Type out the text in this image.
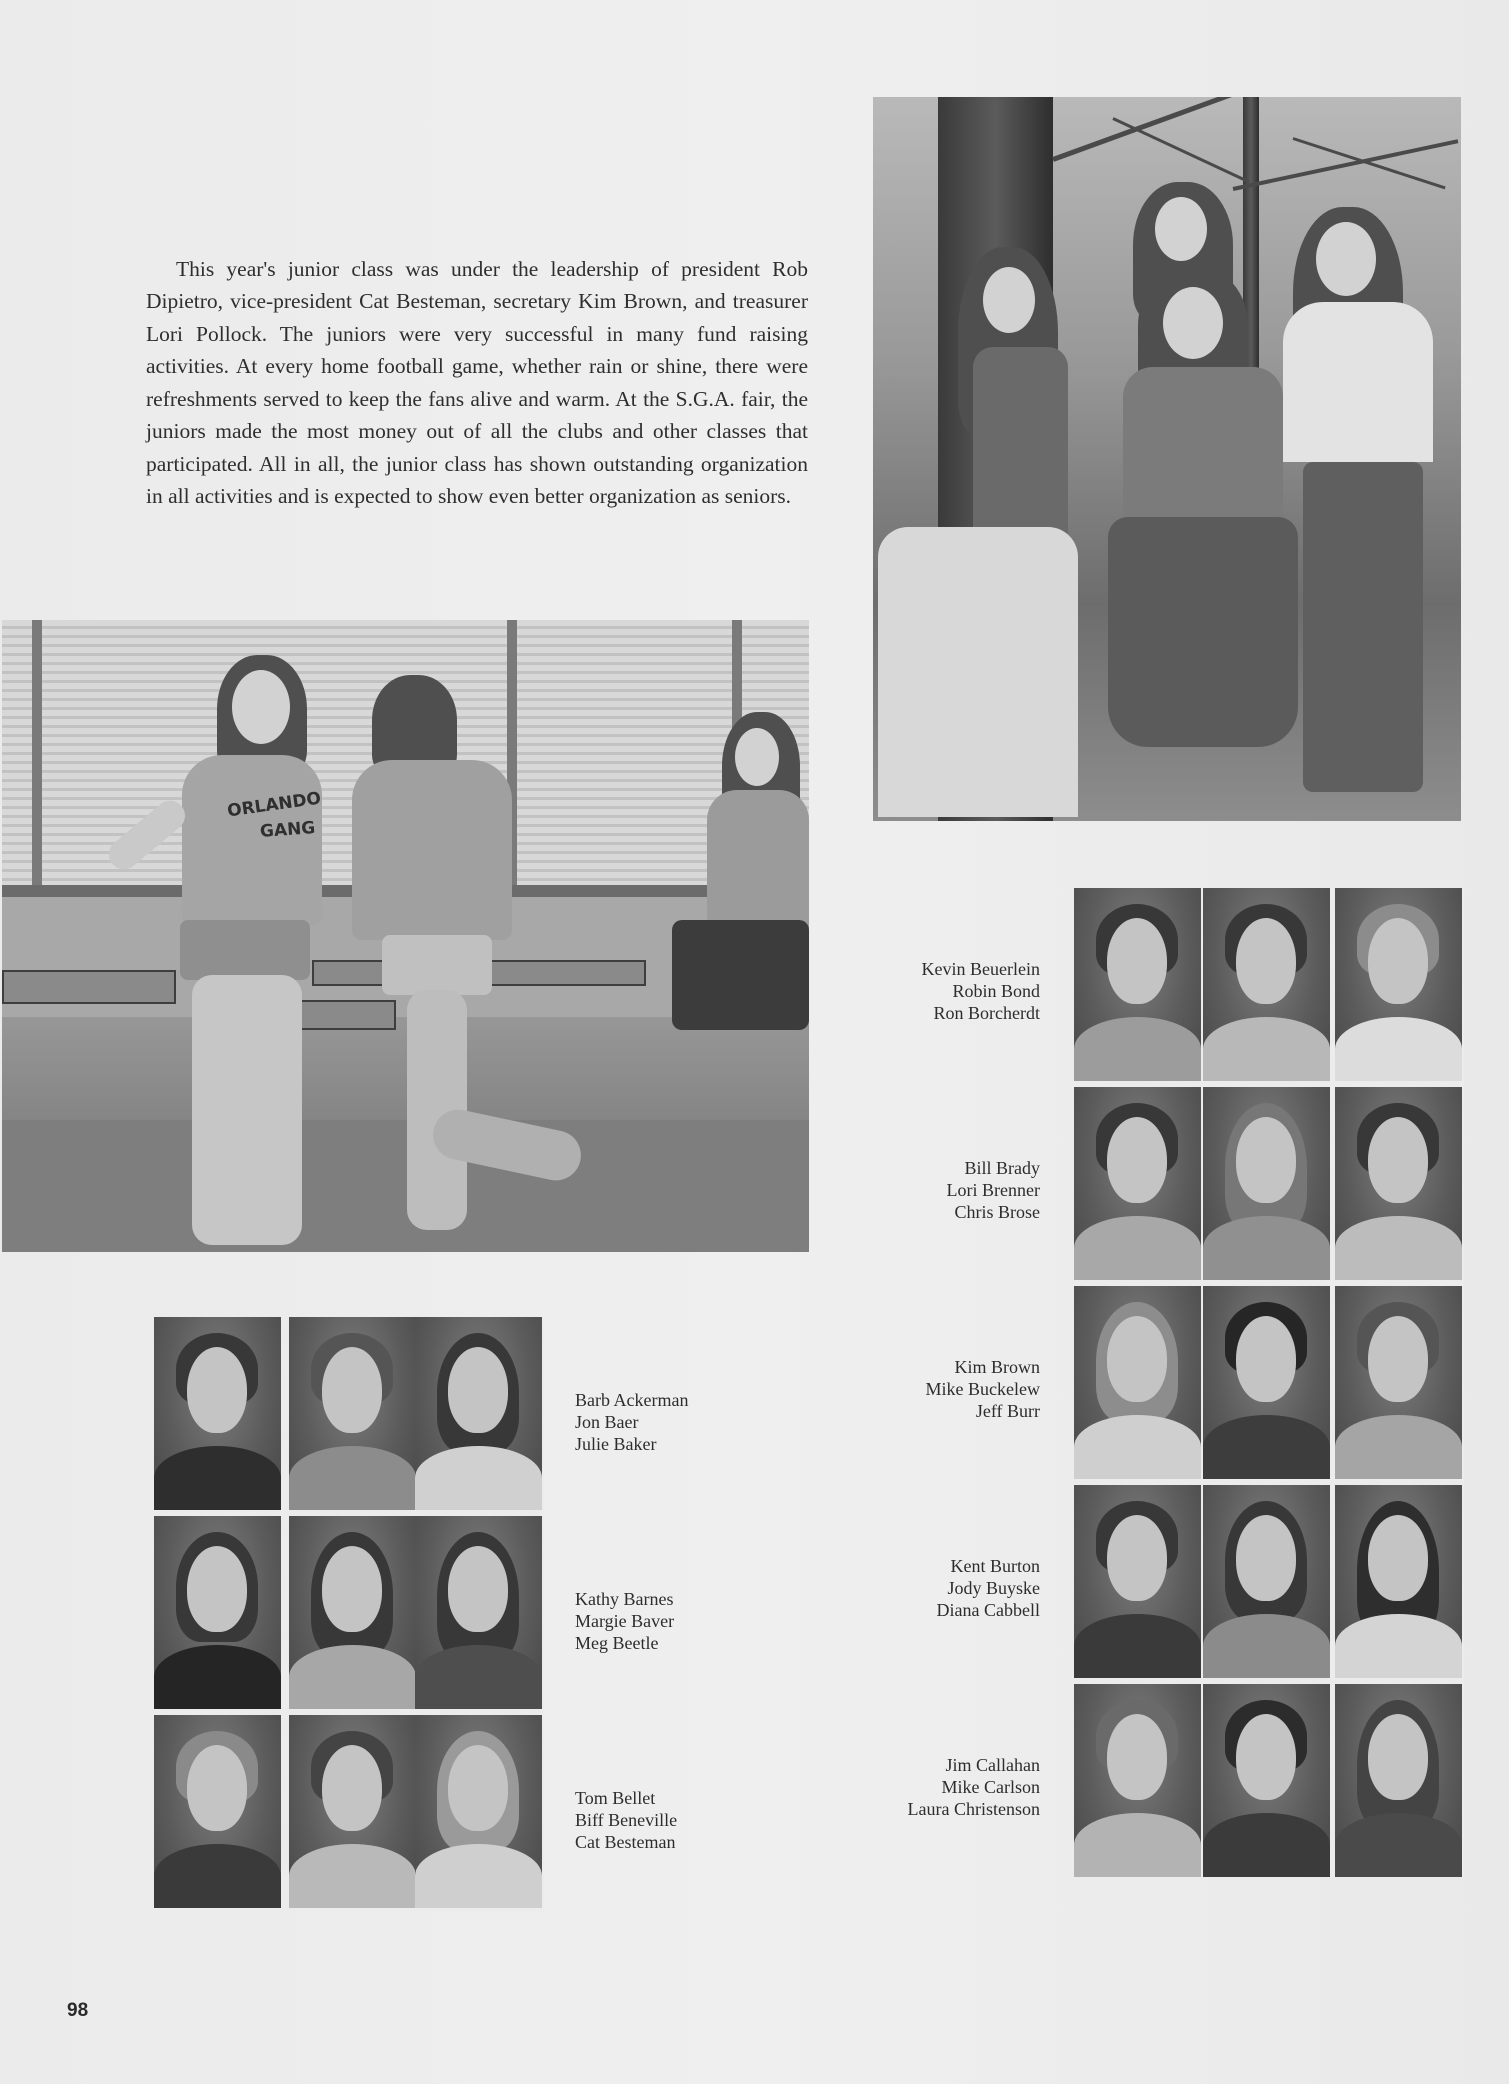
This year's junior class was under the leadership of president Rob Dipietro, vice-president Cat Besteman, secretary Kim Brown, and treasurer Lori Pollock. The juniors were very successful in many fund raising activities. At every home football game, whether rain or shine, there were refreshments served to keep the fans alive and warm. At the S.G.A. fair, the juniors made the most money out of all the clubs and other classes that participated. All in all, the junior class has shown outstanding organization in all activities and is expected to show even better organization as seniors.

ORLANDO
GANG
Barb Ackerman
Jon Baer
Julie Baker
Kathy Barnes
Margie Baver
Meg Beetle
Tom Bellet
Biff Beneville
Cat Besteman
Kevin Beuerlein
Robin Bond
Ron Borcherdt
Bill Brady
Lori Brenner
Chris Brose
Kim Brown
Mike Buckelew
Jeff Burr
Kent Burton
Jody Buyske
Diana Cabbell
Jim Callahan
Mike Carlson
Laura Christenson
98
